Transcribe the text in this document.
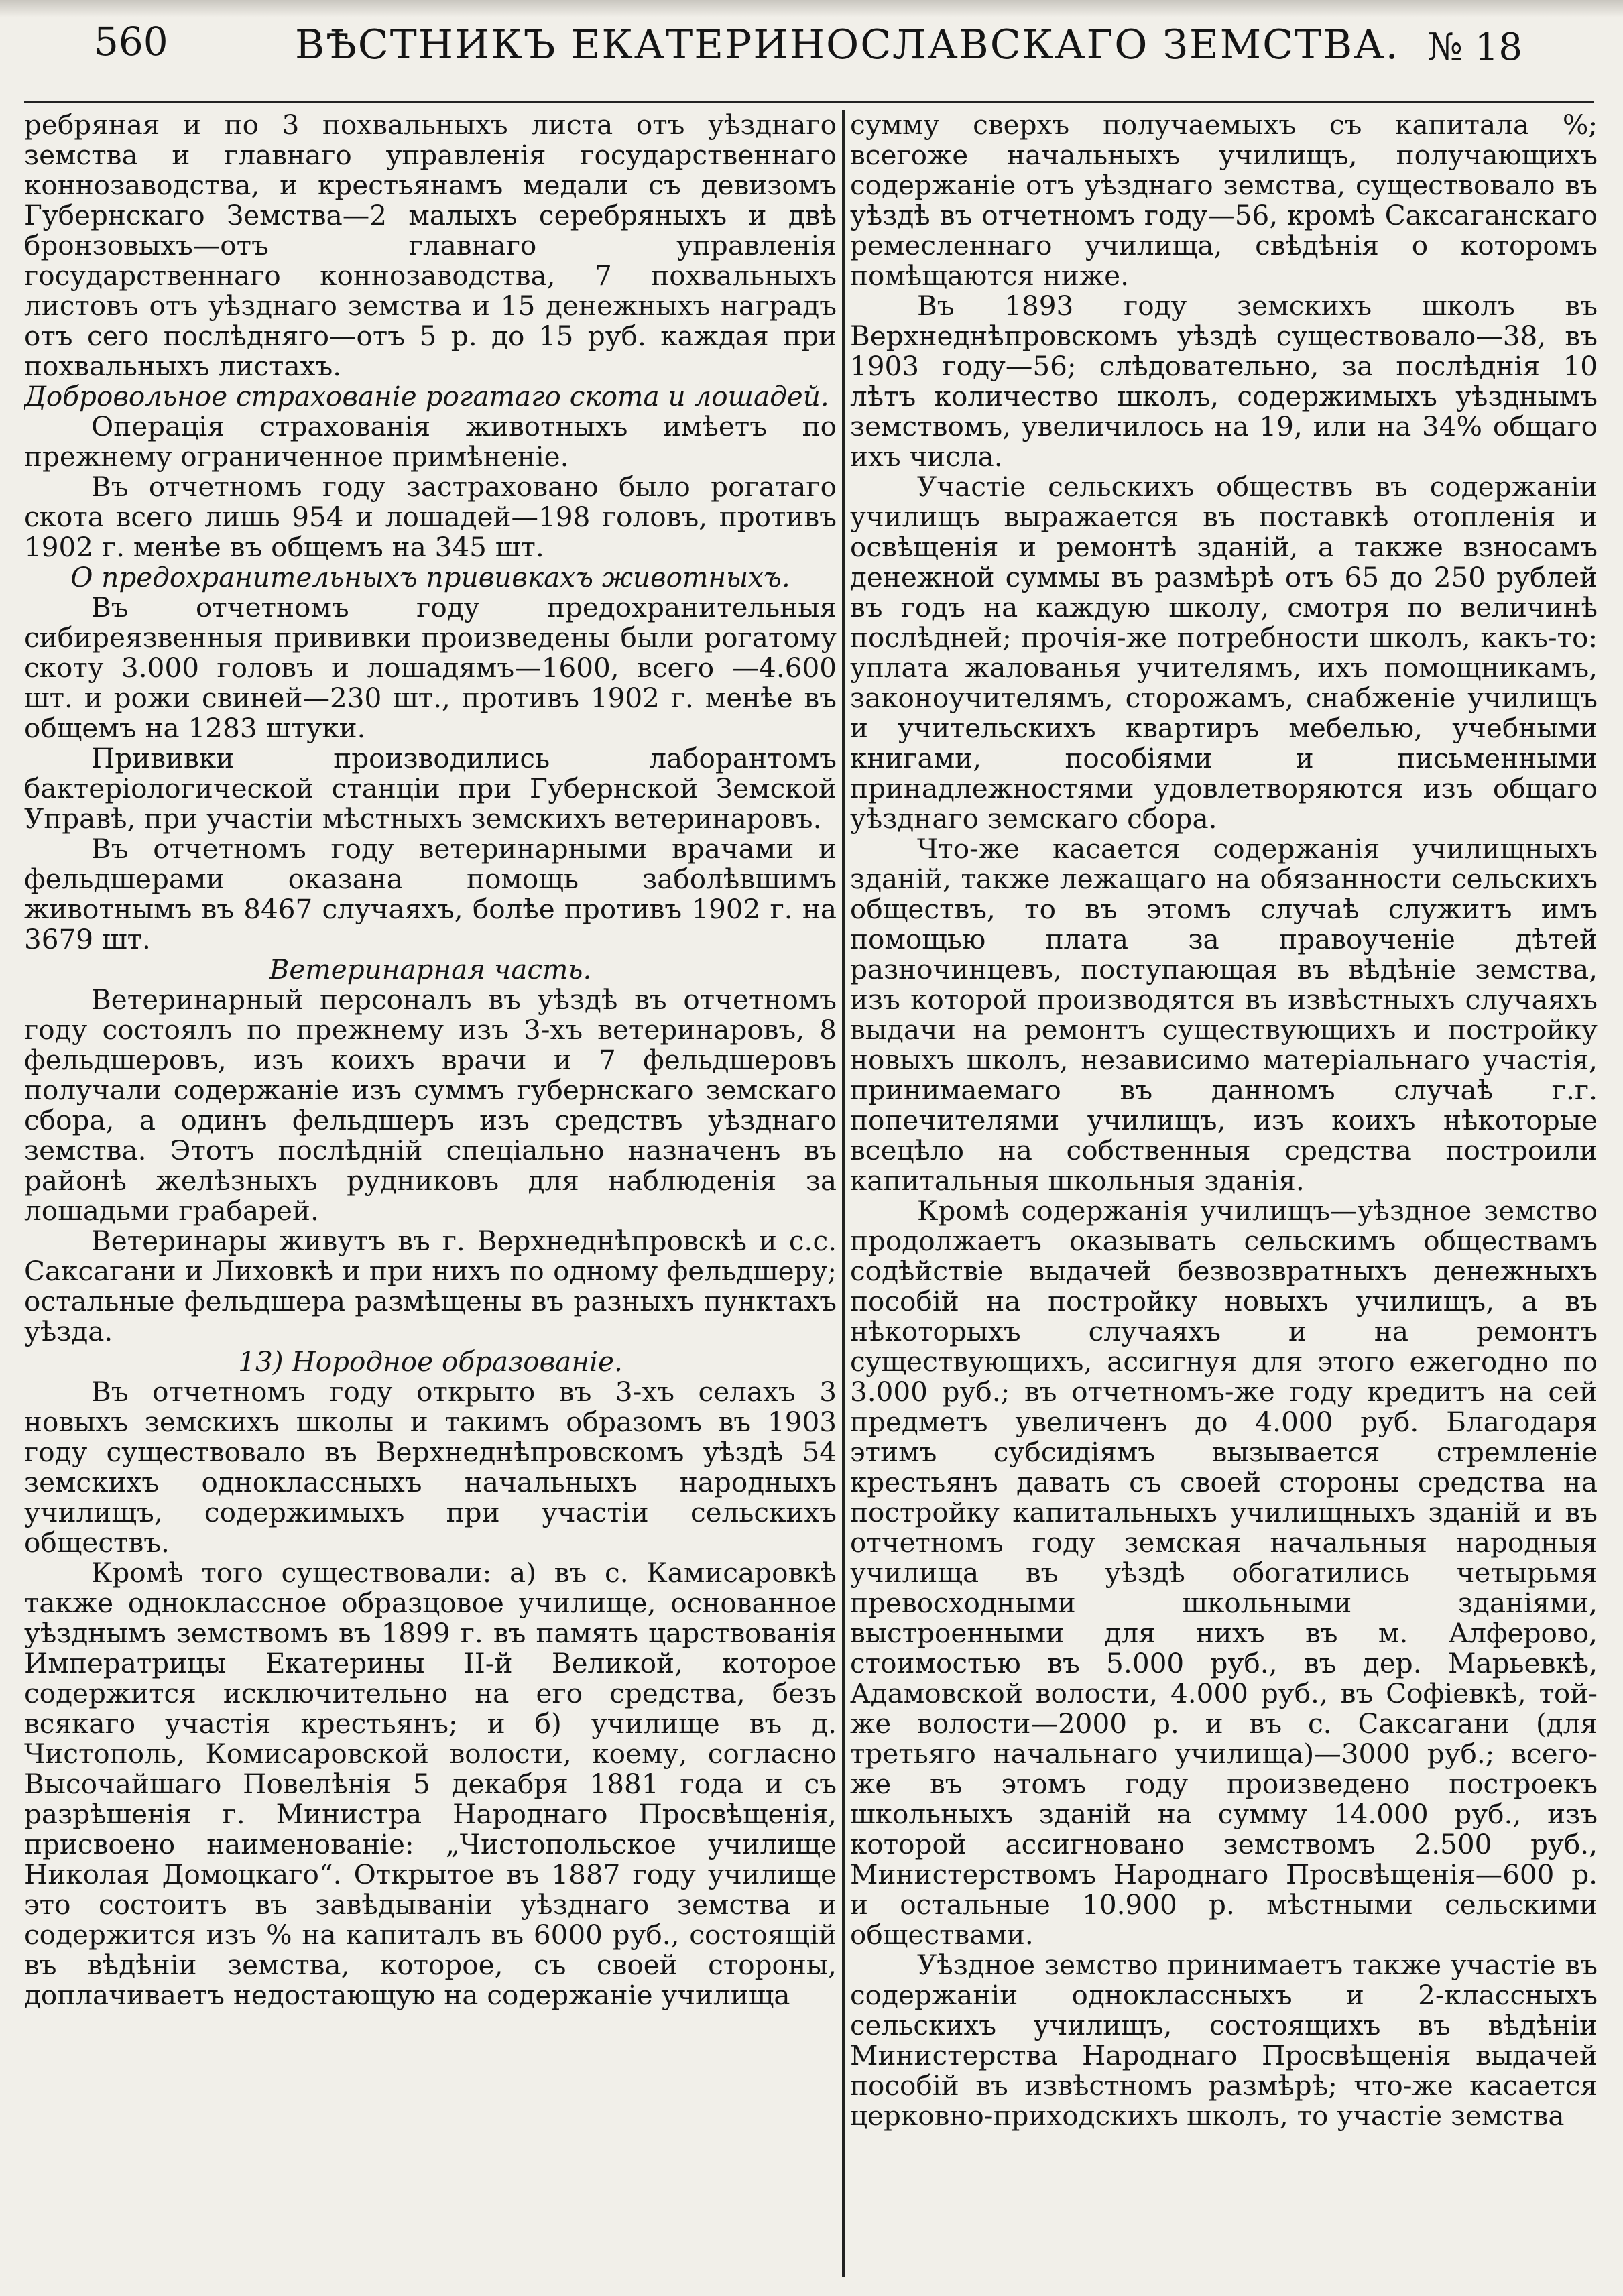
560	ВѢСТНИКЪ ЕКАТЕРИНОСЛАВСКАГО ЗЕМСТВА. № 18

ребряная и по 3 похвальныхъ листа отъ уѣзднаго земства и главнаго управленія государственнаго коннозаводства, и крестьянамъ медали съ девизомъ Губернскаго Земства—2 малыхъ серебряныхъ и двѣ бронзовыхъ—отъ главнаго управленія государственнаго коннозаводства, 7 похвальныхъ листовъ отъ уѣзднаго земства и 15 денежныхъ наградъ отъ сего послѣдняго—отъ 5 р. до 15 руб. каждая при похвальныхъ листахъ.

Добровольное страхованіе рогатаго скота и лошадей.

Операція страхованія животныхъ имѣетъ по прежнему ограниченное примѣненіе.

Въ отчетномъ году застраховано было рогатаго скота всего лишь 954 и лошадей—198 головъ, противъ 1902 г. менѣе въ общемъ на 345 шт.

О предохранительныхъ прививкахъ животныхъ.

Въ отчетномъ году предохранительныя сибиреязвенныя прививки произведены были рогатому скоту 3.000 головъ и лошадямъ—1600, всего —4.600 шт. и рожи свиней—230 шт., противъ 1902 г. менѣе въ общемъ на 1283 штуки.

Прививки производились лаборантомъ бактеріологической станціи при Губернской Земской Управѣ, при участіи мѣстныхъ земскихъ ветеринаровъ.

Въ отчетномъ году ветеринарными врачами и фельдшерами оказана помощь заболѣвшимъ животнымъ въ 8467 случаяхъ, болѣе противъ 1902 г. на 3679 шт.

Ветеринарная часть.

Ветеринарный персоналъ въ уѣздѣ въ отчетномъ году состоялъ по прежнему изъ 3-хъ ветеринаровъ, 8 фельдшеровъ, изъ коихъ врачи и 7 фельдшеровъ получали содержаніе изъ суммъ губернскаго земскаго сбора, а одинъ фельдшеръ изъ средствъ уѣзднаго земства. Этотъ послѣдній спеціально назначенъ въ районѣ желѣзныхъ рудниковъ для наблюденія за лошадьми грабарей.

Ветеринары живутъ въ г. Верхнеднѣпровскѣ и с.с. Саксагани и Лиховкѣ и при нихъ по одному фельдшеру; остальные фельдшера размѣщены въ разныхъ пунктахъ уѣзда.

13) Нородное образованіе.

Въ отчетномъ году открыто въ 3-хъ селахъ 3 новыхъ земскихъ школы и такимъ образомъ въ 1903 году существовало въ Верхнеднѣпровскомъ уѣздѣ 54 земскихъ одноклассныхъ начальныхъ народныхъ училищъ, содержимыхъ при участіи сельскихъ обществъ.

Кромѣ того существовали: а) въ с. Камисаровкѣ также одноклассное образцовое училище, основанное уѣзднымъ земствомъ въ 1899 г. въ память царствованія Императрицы Екатерины II-й Великой, которое содержится исключительно на его средства, безъ всякаго участія крестьянъ; и б) училище въ д. Чистополь, Комисаровской волости, коему, согласно Высочайшаго Повелѣнія 5 декабря 1881 года и съ разрѣшенія г. Министра Народнаго Просвѣщенія, присвоено наименованіе: „Чистопольское училище Николая Домоцкаго“. Открытое въ 1887 году училище это состоитъ въ завѣдываніи уѣзднаго земства и содержится изъ % на капиталъ въ 6000 руб., состоящій въ вѣдѣніи земства, которое, съ своей стороны, доплачиваетъ недостающую на содержаніе училища

сумму сверхъ получаемыхъ съ капитала %; всегоже начальныхъ училищъ, получающихъ содержаніе отъ уѣзднаго земства, существовало въ уѣздѣ въ отчетномъ году—56, кромѣ Саксаганскаго ремесленнаго училища, свѣдѣнія о которомъ помѣщаются ниже.

Въ 1893 году земскихъ школъ въ Верхнеднѣпровскомъ уѣздѣ существовало—38, въ 1903 году—56; слѣдовательно, за послѣднія 10 лѣтъ количество школъ, содержимыхъ уѣзднымъ земствомъ, увеличилось на 19, или на 34% общаго ихъ числа.

Участіе сельскихъ обществъ въ содержаніи училищъ выражается въ поставкѣ отопленія и освѣщенія и ремонтѣ зданій, а также взносамъ денежной суммы въ размѣрѣ отъ 65 до 250 рублей въ годъ на каждую школу, смотря по величинѣ послѣдней; прочія-же потребности школъ, какъ-то: уплата жалованья учителямъ, ихъ помощникамъ, законоучителямъ, сторожамъ, снабженіе училищъ и учительскихъ квартиръ мебелью, учебными книгами, пособіями и письменными принадлежностями удовлетворяются изъ общаго уѣзднаго земскаго сбора.

Что-же касается содержанія училищныхъ зданій, также лежащаго на обязанности сельскихъ обществъ, то въ этомъ случаѣ служитъ имъ помощью плата за правоученіе дѣтей разночинцевъ, поступающая въ вѣдѣніе земства, изъ которой производятся въ извѣстныхъ случаяхъ выдачи на ремонтъ существующихъ и постройку новыхъ школъ, независимо матеріальнаго участія, принимаемаго въ данномъ случаѣ г.г. попечителями училищъ, изъ коихъ нѣкоторые всецѣло на собственныя средства построили капитальныя школьныя зданія.

Кромѣ содержанія училищъ—уѣздное земство продолжаетъ оказывать сельскимъ обществамъ содѣйствіе выдачей безвозвратныхъ денежныхъ пособій на постройку новыхъ училищъ, а въ нѣкоторыхъ случаяхъ и на ремонтъ существующихъ, ассигнуя для этого ежегодно по 3.000 руб.; въ отчетномъ-же году кредитъ на сей предметъ увеличенъ до 4.000 руб. Благодаря этимъ субсидіямъ вызывается стремленіе крестьянъ давать съ своей стороны средства на постройку капитальныхъ училищныхъ зданій и въ отчетномъ году земская начальныя народныя училища въ уѣздѣ обогатились четырьмя превосходными школьными зданіями, выстроенными для нихъ въ м. Алферово, стоимостью въ 5.000 руб., въ дер. Марьевкѣ, Адамовской волости, 4.000 руб., въ Софіевкѣ, той-же волости—2000 р. и въ с. Саксагани (для третьяго начальнаго училища)—3000 руб.; всего-же въ этомъ году произведено построекъ школьныхъ зданій на сумму 14.000 руб., изъ которой ассигновано земствомъ 2.500 руб., Министерствомъ Народнаго Просвѣщенія—600 р. и остальные 10.900 р. мѣстными сельскими обществами.

Уѣздное земство принимаетъ также участіе въ содержаніи одноклассныхъ и 2-классныхъ сельскихъ училищъ, состоящихъ въ вѣдѣніи Министерства Народнаго Просвѣщенія выдачей пособій въ извѣстномъ размѣрѣ; что-же касается церковно-приходскихъ школъ, то участіе земства
